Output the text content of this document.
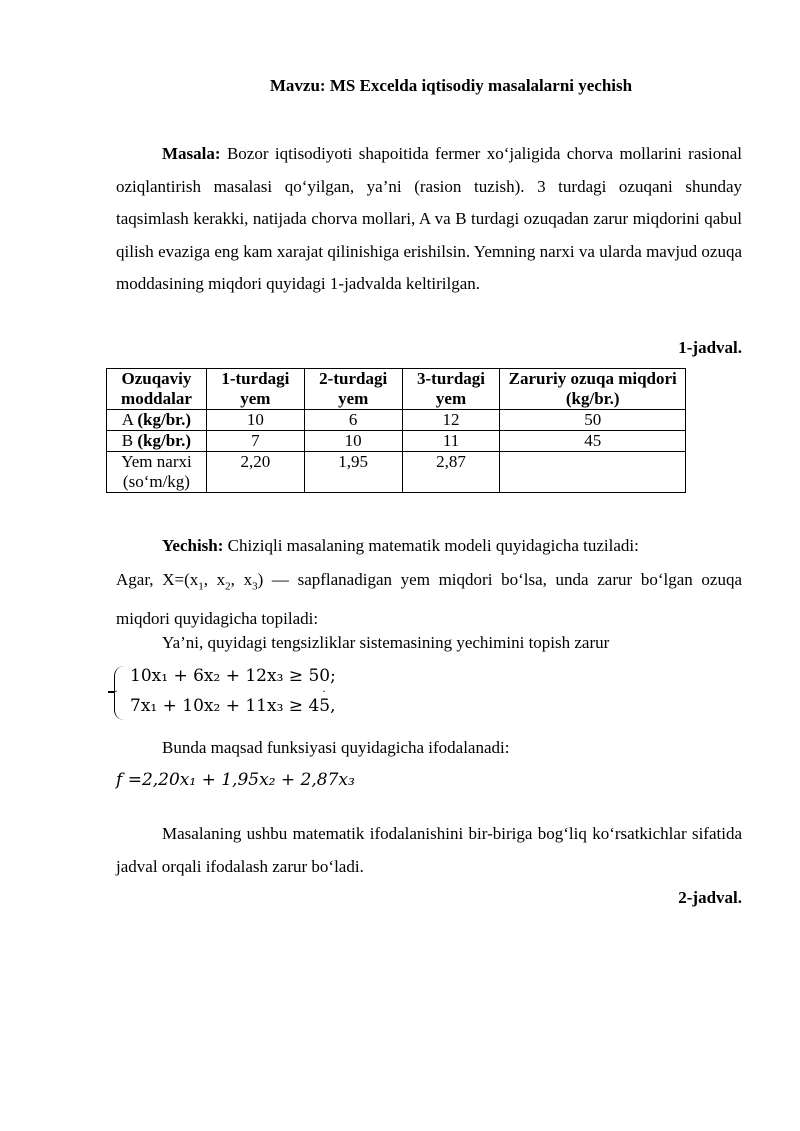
Mavzu: MS Excelda iqtisodiy masalalarni yechish
Masala: Bozor iqtisodiyoti shapoitida fermer xo‘jaligida chorva mollarini rasional oziqlantirish masalasi qo‘yilgan, ya’ni (rasion tuzish). 3 turdagi ozuqani shunday taqsimlash kerakki, natijada chorva mollari, A va B turdagi ozuqadan zarur miqdorini qabul qilish evaziga eng kam xarajat qilinishiga erishilsin. Yemning narxi va ularda mavjud ozuqa moddasining miqdori quyidagi 1-jadvalda keltirilgan.
1-jadval.
Ozuqaviy moddalar	1-turdagi yem	2-turdagi yem	3-turdagi yem	Zaruriy ozuqa miqdori (kg/br.)
A (kg/br.)	10	6	12	50
B (kg/br.)	7	10	11	45
Yem narxi (so‘m/kg)	2,20	1,95	2,87	
Yechish: Chiziqli masalaning matematik modeli quyidagicha tuziladi:
Agar, $X=(x_1$, $x_2$, $x_3$) — sapflanadigan yem miqdori bo‘lsa, unda zarur bo‘lgan ozuqa miqdori quyidagicha topiladi:
Ya’ni, quyidagi tengsizliklar sistemasining yechimini topish zarur
·
10x₁ + 6x₂ + 12x₃ ≥ 50;
7x₁ + 10x₂ + 11x₃ ≥ 45,
·
Bunda maqsad funksiyasi quyidagicha ifodalanadi:
f =2,20x₁ + 1,95x₂ + 2,87x₃
Masalaning ushbu matematik ifodalanishini bir-biriga bog‘liq ko‘rsatkichlar sifatida jadval orqali ifodalash zarur bo‘ladi.
2-jadval.
